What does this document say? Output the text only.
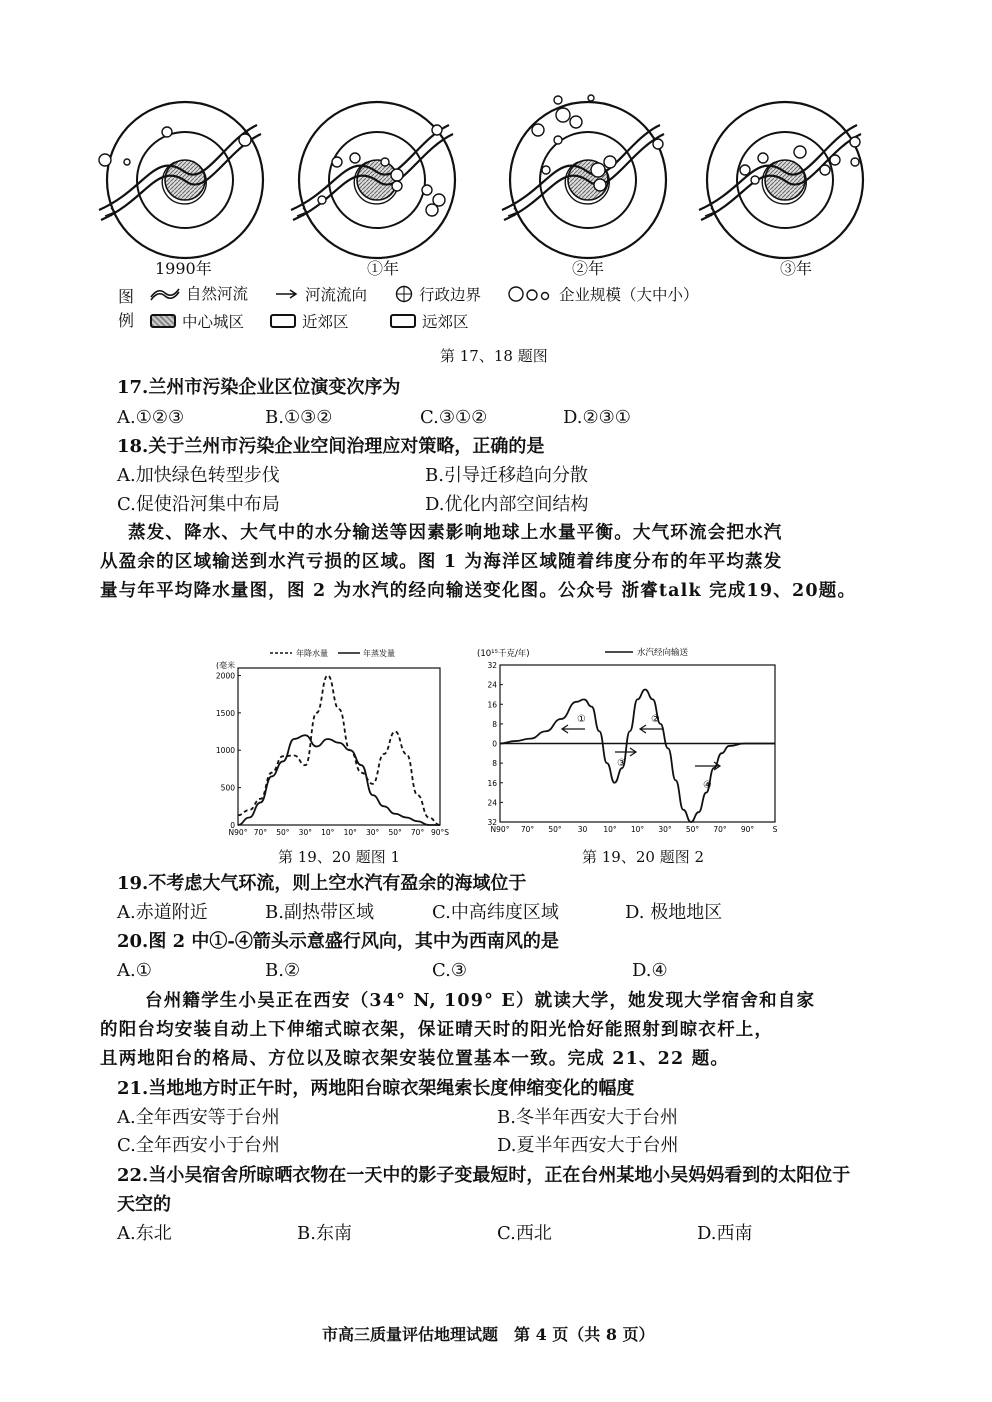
1990年	①年	②年	③年
图
例
自然河流	河流流向	行政边界	企业规模（大中小）
中心城区	近郊区	远郊区
第 17、18 题图
17.兰州市污染企业区位演变次序为
A.①②③	B.①③②	C.③①②	D.②③①
18.关于兰州市污染企业空间治理应对策略，正确的是
A.加快绿色转型步伐	B.引导迁移趋向分散
C.促使沿河集中布局	D.优化内部空间结构
蒸发、降水、大气中的水分输送等因素影响地球上水量平衡。大气环流会把水汽
从盈余的区域输送到水汽亏损的区域。图 1 为海洋区域随着纬度分布的年平均蒸发
量与年平均降水量图，图 2 为水汽的经向输送变化图。公众号 浙睿talk 完成19、20题。
(毫米
年降水量	年蒸发量
0
500
1000
1500
2000
N90° 70° 50° 30° 10° 10° 30° 50° 70° 90°S
第 19、20 题图 1
(10¹⁵千克/年)	水汽经向输送
32
24
16
8
0
8
16
24
32
N90° 70° 50° 30 10° 10° 30° 50° 70° 90° S
①	②
③
④
第 19、20 题图 2
19.不考虑大气环流，则上空水汽有盈余的海域位于
A.赤道附近	B.副热带区域	C.中高纬度区域	D. 极地地区
20.图 2 中①-④箭头示意盛行风向，其中为西南风的是
A.①	B.②	C.③	D.④
台州籍学生小吴正在西安（34° N, 109° E）就读大学，她发现大学宿舍和自家
的阳台均安装自动上下伸缩式晾衣架，保证晴天时的阳光恰好能照射到晾衣杆上，
且两地阳台的格局、方位以及晾衣架安装位置基本一致。完成 21、22 题。
21.当地地方时正午时，两地阳台晾衣架绳索长度伸缩变化的幅度
A.全年西安等于台州	B.冬半年西安大于台州
C.全年西安小于台州	D.夏半年西安大于台州
22.当小吴宿舍所晾晒衣物在一天中的影子变最短时，正在台州某地小吴妈妈看到的太阳位于
天空的
A.东北	B.东南	C.西北	D.西南
市高三质量评估地理试题　第 4 页（共 8 页）
